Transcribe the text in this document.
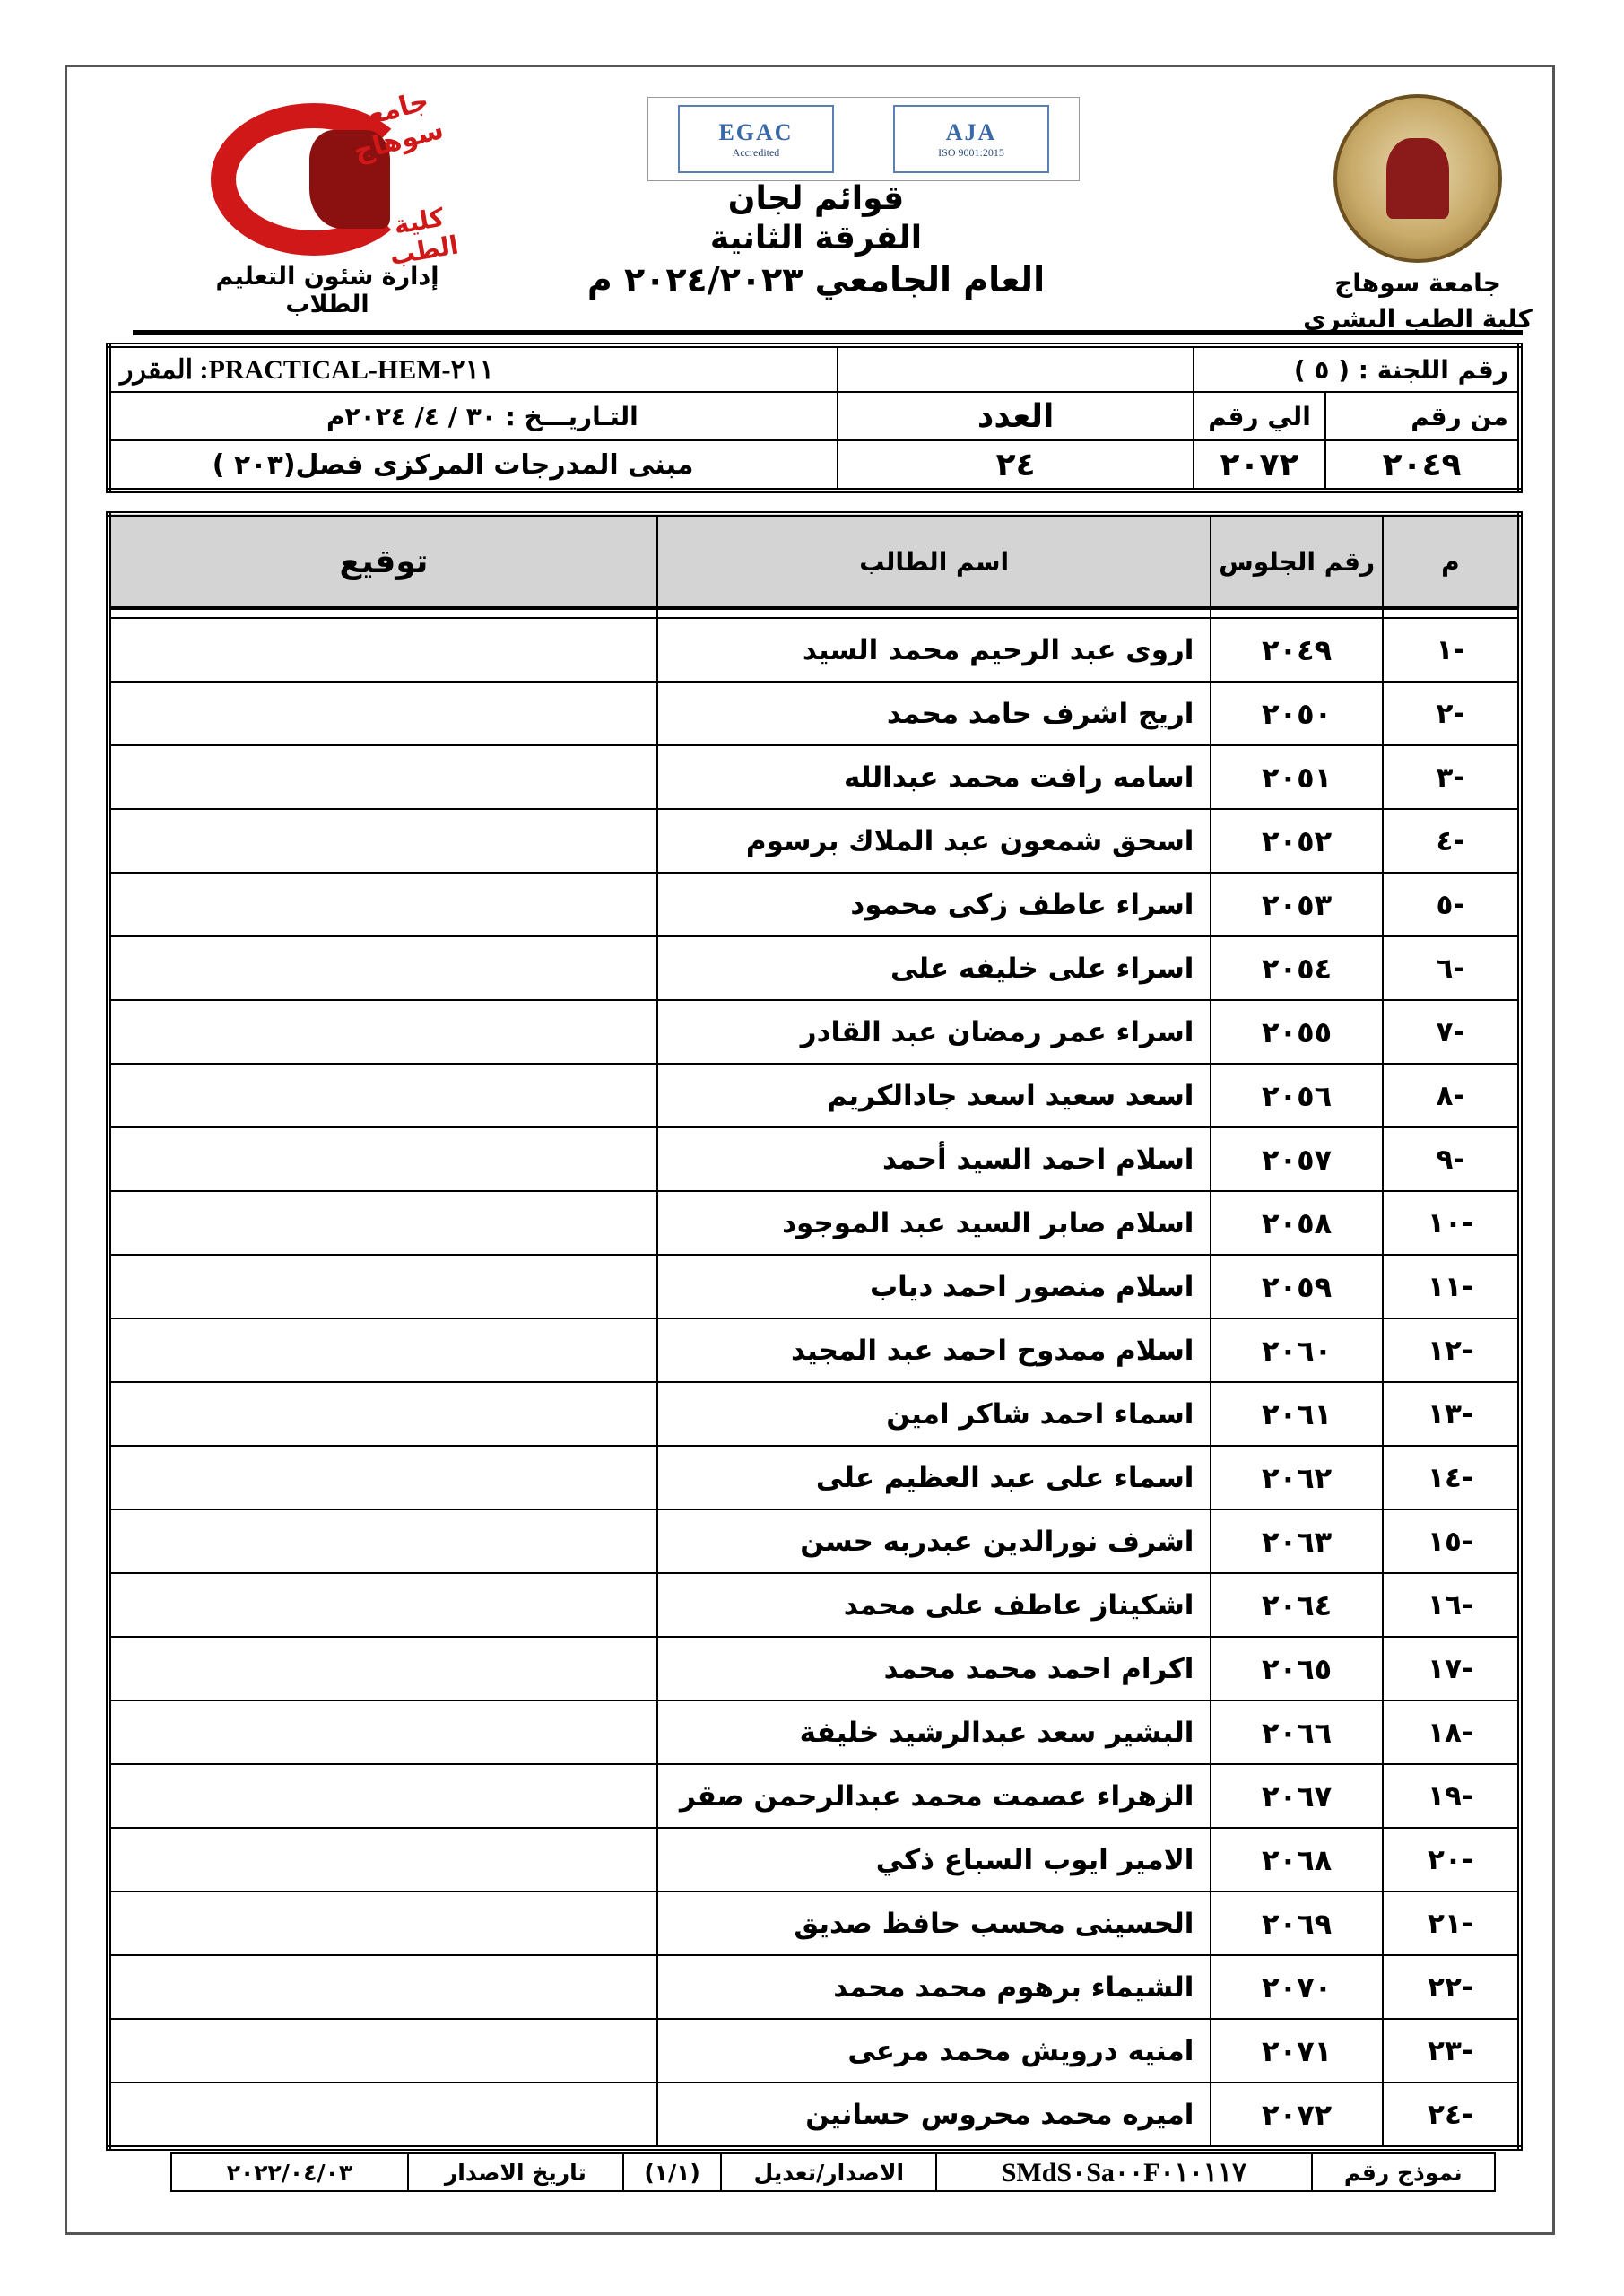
جامعة سوهاج
كلية الطب البشرى
جامعة سوهاج
كلية الطب
إدارة شئون التعليم الطلاب
EGAC
Accredited
AJA
ISO 9001:2015
قوائم لجان
الفرقة الثانية
العام الجامعي ٢٠٢٤/٢٠٢٣ م
رقم اللجنة : ( ٥ )			المقرر :PRACTICAL-HEM-٢١١
من رقم	الي رقم	العدد	التـاريـــخ : ٣٠ / ٤/ ٢٠٢٤م
٢٠٤٩	٢٠٧٢	٢٤	مبنى المدرجات المركزى فصل(٢٠٣ )
م	رقم الجلوس	اسم الطالب	توقيع

-١	٢٠٤٩	اروى عبد الرحيم محمد السيد	
-٢	٢٠٥٠	اريج اشرف حامد محمد	
-٣	٢٠٥١	اسامه رافت محمد عبدالله	
-٤	٢٠٥٢	اسحق شمعون عبد الملاك برسوم	
-٥	٢٠٥٣	اسراء عاطف زكى محمود	
-٦	٢٠٥٤	اسراء على خليفه على	
-٧	٢٠٥٥	اسراء عمر رمضان عبد القادر	
-٨	٢٠٥٦	اسعد سعيد اسعد جادالكريم	
-٩	٢٠٥٧	اسلام احمد السيد أحمد	
-١٠	٢٠٥٨	اسلام صابر السيد عبد الموجود	
-١١	٢٠٥٩	اسلام منصور احمد دياب	
-١٢	٢٠٦٠	اسلام ممدوح احمد عبد المجيد	
-١٣	٢٠٦١	اسماء احمد شاكر امين	
-١٤	٢٠٦٢	اسماء على عبد العظيم على	
-١٥	٢٠٦٣	اشرف نورالدين عبدربه حسن	
-١٦	٢٠٦٤	اشكيناز عاطف على محمد	
-١٧	٢٠٦٥	اكرام احمد محمد محمد	
-١٨	٢٠٦٦	البشير سعد عبدالرشيد خليفة	
-١٩	٢٠٦٧	الزهراء عصمت محمد عبدالرحمن صقر	
-٢٠	٢٠٦٨	الامير ايوب السباع ذكي	
-٢١	٢٠٦٩	الحسينى محسب حافظ صديق	
-٢٢	٢٠٧٠	الشيماء برهوم محمد محمد	
-٢٣	٢٠٧١	امنيه درويش محمد مرعى	
-٢٤	٢٠٧٢	اميره محمد محروس حسانين	
نموذج رقم	SMdS٠Sa٠٠F٠١٠١١٧	الاصدار/تعديل	(١/١)	تاريخ الاصدار	٢٠٢٢/٠٤/٠٣
